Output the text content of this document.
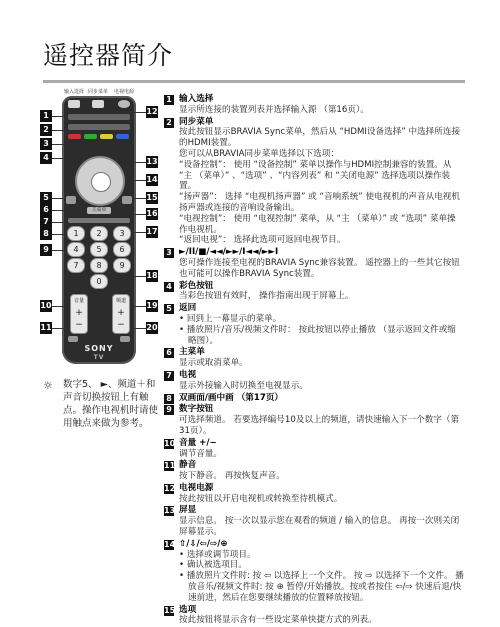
遥控器简介
输入选择 同步菜单 电视电源
主菜单
1	2	3
4	5	6
7	8	9
0
音量
+
−
频道
+
−
SONY
TV
1
2
3
4
5
6
7
8
9
10
11
12
13
14
15
16
17
18
19
20
☼ 数字5、 ►、频道＋和声音切换按钮上有触点。操作电视机时请使用触点来做为参考。
1 输入选择
显示所连接的装置列表并选择输入源 （第16页）。
2 同步菜单
按此按钮显示BRAVIA Sync菜单，然后从 “HDMI设备选择” 中选择所连接的HDMI装置。
您可以从BRAVIA同步菜单选择以下选项：
“设备控制”： 使用 “设备控制” 菜单以操作与HDMI控制兼容的装置。从 “主 （菜单）” 、“选项” 、“内容列表” 和 “关闭电源” 选择选项以操作装置。
“扬声器”： 选择 “电视机扬声器” 或 “音响系统” 使电视机的声音从电视机扬声器或连接的音响设备输出。
“电视控制”： 使用 “电视控制” 菜单，从 “主 （菜单）” 或 “选项” 菜单操作电视机。
“返回电视”： 选择此选项可返回电视节目。
3 ►/II/■/◄◄/►►/I◄◄/►►I
您可操作连接至电视的BRAVIA Sync兼容装置。 遥控器上的一些其它按钮也可能可以操作BRAVIA Sync装置。
4 彩色按钮
当彩色按钮有效时， 操作指南出现于屏幕上。
5 返回
• 回到上一幕显示的菜单。
• 播放照片/音乐/视频文件时： 按此按钮以停止播放 （显示返回文件或缩略图）。
6 主菜单
显示或取消菜单。
7 电视
显示外接输入时切换至电视显示。
8 双画面/画中画 （第17页）
9 数字按钮
可选择频道。 若要选择编号10及以上的频道，请快速输入下一个数字（第31页）。
10 音量 +/−
调节音量。
11 静音
按下静音。 再按恢复声音。
12 电视电源
按此按钮以开启电视机或转换至待机模式。
13 屏显
显示信息。 按一次以显示您在观看的频道 / 输入的信息。 再按一次则关闭屏幕显示。
14 ⇧/⇩/⇦/⇨/⊕
• 选择或调节项目。
• 确认被选项目。
• 播放照片文件时: 按 ⇦ 以选择上一个文件。 按 ⇨ 以选择下一个文件。 播放音乐/视频文件时: 按 ⊕ 暂停/开始播放。按或者按住 ⇦/⇨ 快速后退/快速前进，然后在您要继续播放的位置释放按钮。
15 选项
按此按钮将显示含有一些设定菜单快捷方式的列表。
